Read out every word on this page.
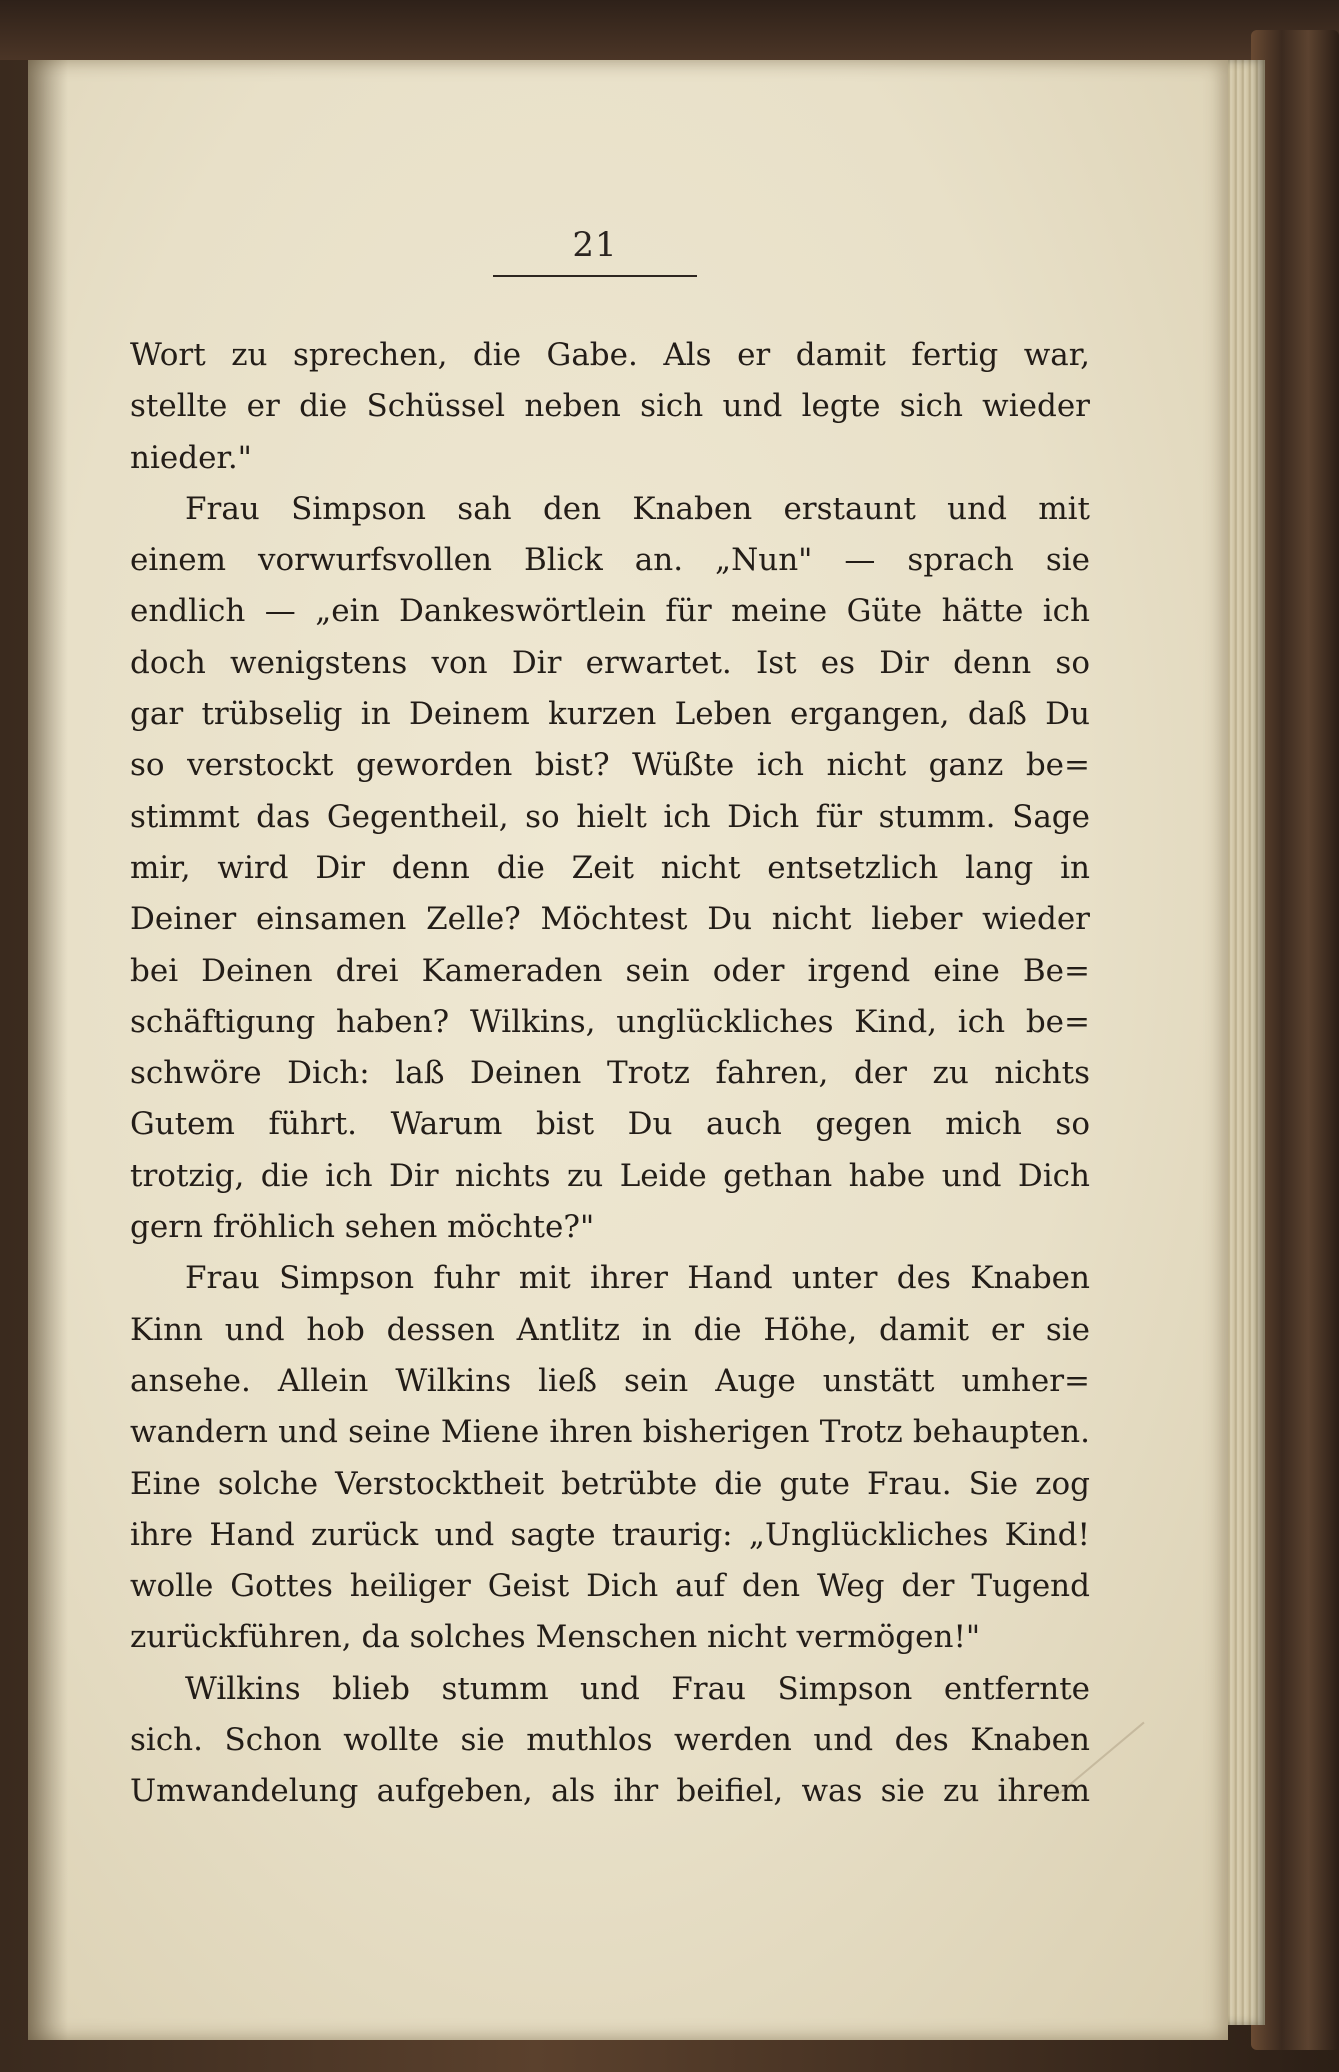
21
Wort zu sprechen, die Gabe. Als er damit fertig war,
stellte er die Schüssel neben sich und legte sich wieder
nieder."
Frau Simpson sah den Knaben erstaunt und mit
einem vorwurfsvollen Blick an. „Nun" — sprach sie
endlich — „ein Dankeswörtlein für meine Güte hätte ich
doch wenigstens von Dir erwartet. Ist es Dir denn so
gar trübselig in Deinem kurzen Leben ergangen, daß Du
so verstockt geworden bist? Wüßte ich nicht ganz be=
stimmt das Gegentheil, so hielt ich Dich für stumm. Sage
mir, wird Dir denn die Zeit nicht entsetzlich lang in
Deiner einsamen Zelle? Möchtest Du nicht lieber wieder
bei Deinen drei Kameraden sein oder irgend eine Be=
schäftigung haben? Wilkins, unglückliches Kind, ich be=
schwöre Dich: laß Deinen Trotz fahren, der zu nichts
Gutem führt. Warum bist Du auch gegen mich so
trotzig, die ich Dir nichts zu Leide gethan habe und Dich
gern fröhlich sehen möchte?"
Frau Simpson fuhr mit ihrer Hand unter des Knaben
Kinn und hob dessen Antlitz in die Höhe, damit er sie
ansehe. Allein Wilkins ließ sein Auge unstätt umher=
wandern und seine Miene ihren bisherigen Trotz behaupten.
Eine solche Verstocktheit betrübte die gute Frau. Sie zog
ihre Hand zurück und sagte traurig: „Unglückliches Kind!
wolle Gottes heiliger Geist Dich auf den Weg der Tugend
zurückführen, da solches Menschen nicht vermögen!"
Wilkins blieb stumm und Frau Simpson entfernte
sich. Schon wollte sie muthlos werden und des Knaben
Umwandelung aufgeben, als ihr beifiel, was sie zu ihrem
